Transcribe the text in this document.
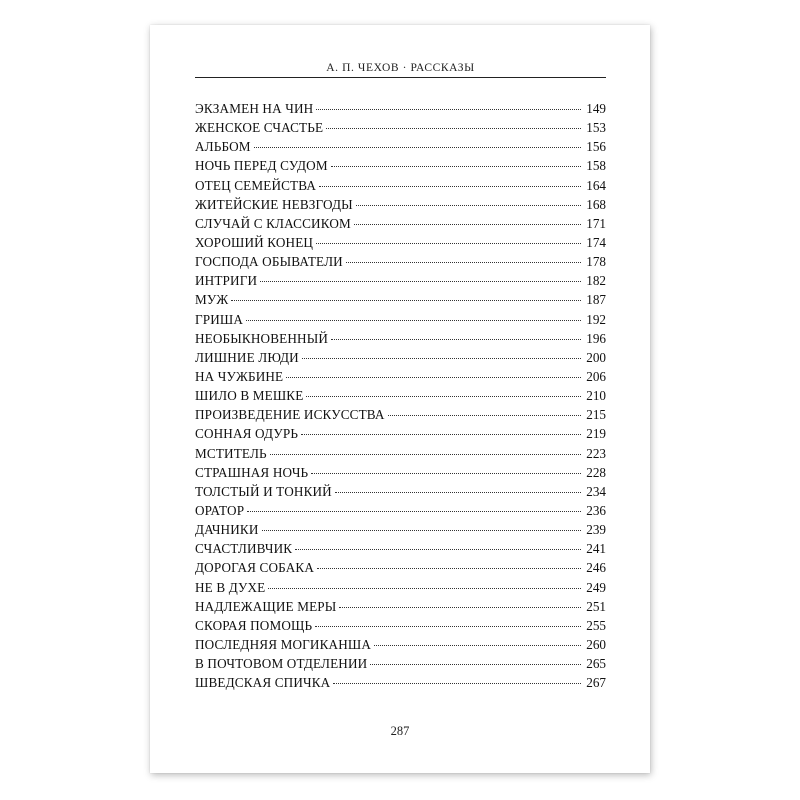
А. П. ЧЕХОВ · РАССКАЗЫ
ЭКЗАМЕН НА ЧИН	149
ЖЕНСКОЕ СЧАСТЬЕ	153
АЛЬБОМ	156
НОЧЬ ПЕРЕД СУДОМ	158
ОТЕЦ СЕМЕЙСТВА	164
ЖИТЕЙСКИЕ НЕВЗГОДЫ	168
СЛУЧАЙ С КЛАССИКОМ	171
ХОРОШИЙ КОНЕЦ	174
ГОСПОДА ОБЫВАТЕЛИ	178
ИНТРИГИ	182
МУЖ	187
ГРИША	192
НЕОБЫКНОВЕННЫЙ	196
ЛИШНИЕ ЛЮДИ	200
НА ЧУЖБИНЕ	206
ШИЛО В МЕШКЕ	210
ПРОИЗВЕДЕНИЕ ИСКУССТВА	215
СОННАЯ ОДУРЬ	219
МСТИТЕЛЬ	223
СТРАШНАЯ НОЧЬ	228
ТОЛСТЫЙ И ТОНКИЙ	234
ОРАТОР	236
ДАЧНИКИ	239
СЧАСТЛИВЧИК	241
ДОРОГАЯ СОБАКА	246
НЕ В ДУХЕ	249
НАДЛЕЖАЩИЕ МЕРЫ	251
СКОРАЯ ПОМОЩЬ	255
ПОСЛЕДНЯЯ МОГИКАНША	260
В ПОЧТОВОМ ОТДЕЛЕНИИ	265
ШВЕДСКАЯ СПИЧКА	267
287
